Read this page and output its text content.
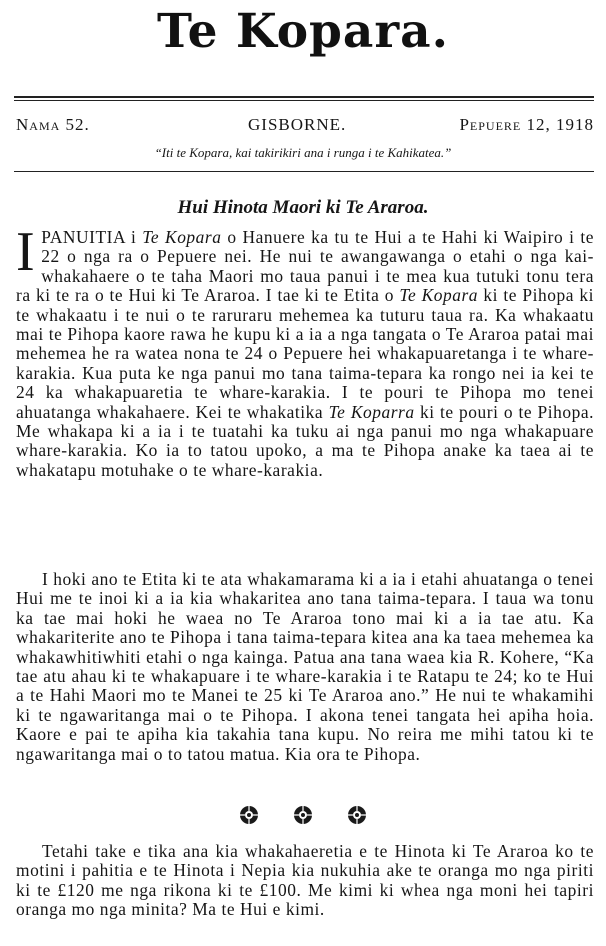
Te Kopara.
Nama 52.	GISBORNE.	Pepuere 12, 1918
“Iti te Kopara, kai takirikiri ana i runga i te Kahikatea.”
Hui Hinota Maori ki Te Araroa.

IPANUITIA i Te Kopara o Hanuere ka tu te Hui a te Hahi ki Waipiro i te 22 o nga ra o Pepuere nei. He nui te awangawanga o etahi o nga kai-whakahaere o te taha Maori mo taua panui i te mea kua tutuki tonu tera ra ki te ra o te Hui ki Te Araroa. I tae ki te Etita o Te Kopara ki te Pihopa ki te whakaatu i te nui o te raruraru mehemea ka tuturu taua ra. Ka whakaatu mai te Pihopa kaore rawa he kupu ki a ia a nga tangata o Te Araroa patai mai mehemea he ra watea nona te 24 o Pepuere hei whakapuaretanga i te whare-karakia. Kua puta ke nga panui mo tana taima-tepara ka rongo nei ia kei te 24 ka whakapuaretia te whare-karakia. I te pouri te Pihopa mo tenei ahuatanga whakahaere. Kei te whakatika Te Koparra ki te pouri o te Pihopa. Me whakapa ki a ia i te tuatahi ka tuku ai nga panui mo nga whakapuare whare-karakia. Ko ia to tatou upoko, a ma te Pihopa anake ka taea ai te whakatapu motuhake o te whare-karakia.

I hoki ano te Etita ki te ata whakamarama ki a ia i etahi ahuatanga o tenei Hui me te inoi ki a ia kia whakaritea ano tana taima-tepara. I taua wa tonu ka tae mai hoki he waea no Te Araroa tono mai ki a ia tae atu. Ka whakariterite ano te Pihopa i tana taima-tepara kitea ana ka taea mehemea ka whakawhitiwhiti etahi o nga kainga. Patua ana tana waea kia R. Kohere, “Ka tae atu ahau ki te whakapuare i te whare-karakia i te Ratapu te 24; ko te Hui a te Hahi Maori mo te Manei te 25 ki Te Araroa ano.” He nui te whakamihi ki te ngawaritanga mai o te Pihopa. I akona tenei tangata hei apiha hoia. Kaore e pai te apiha kia takahia tana kupu. No reira me mihi tatou ki te ngawaritanga mai o to tatou matua. Kia ora te Pihopa.

Tetahi take e tika ana kia whakahaeretia e te Hinota ki Te Araroa ko te motini i pahitia e te Hinota i Nepia kia nukuhia ake te oranga mo nga piriti ki te £120 me nga rikona ki te £100. Me kimi ki whea nga moni hei tapiri oranga mo nga minita? Ma te Hui e kimi.
